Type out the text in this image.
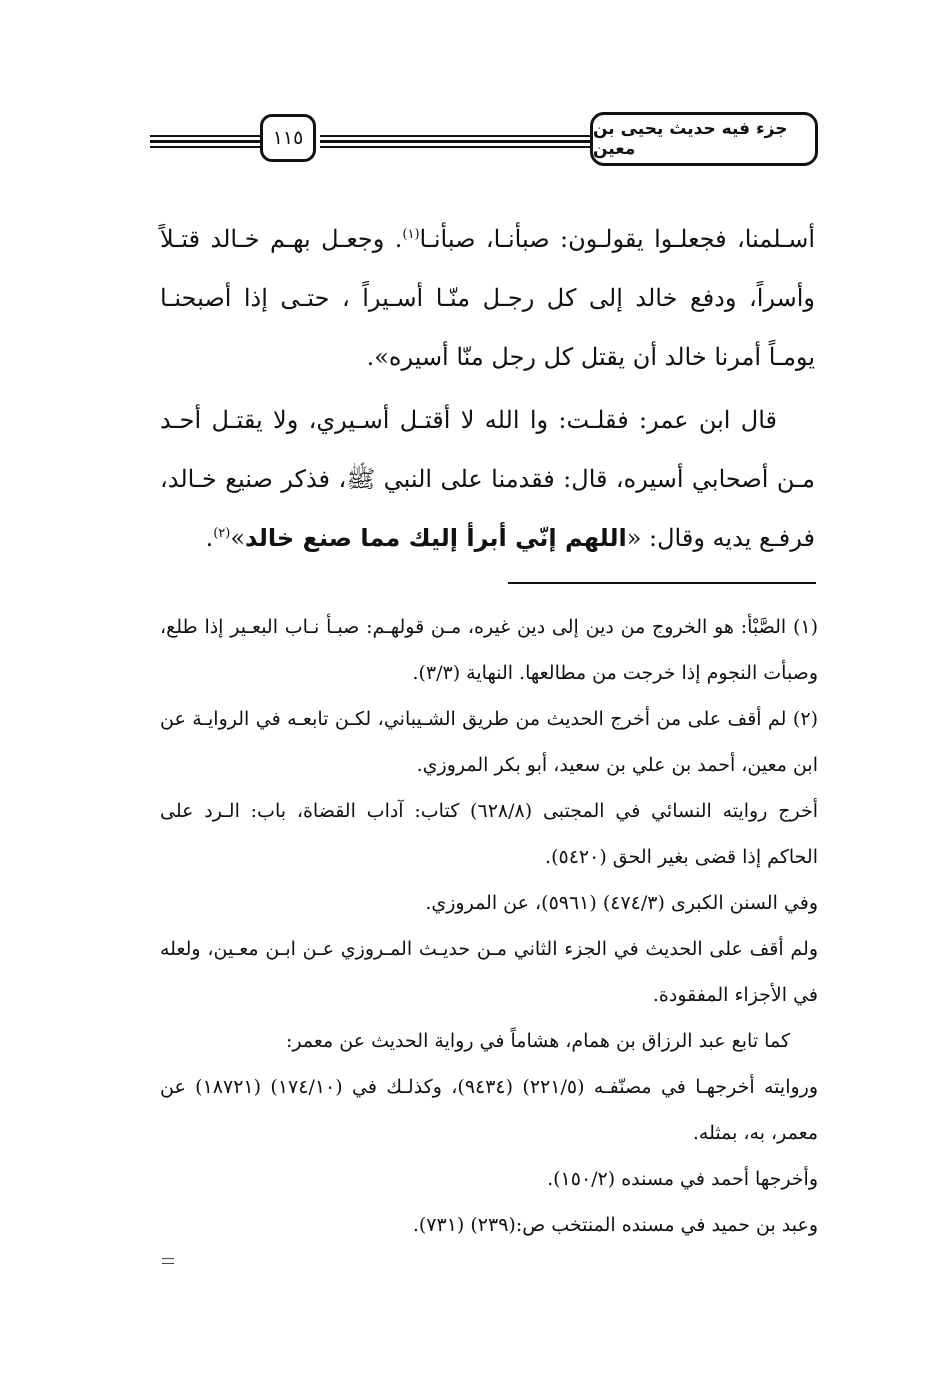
١١٥	جزء فيه حديث يحيى بن معين

أسـلمنا، فجعلـوا يقولـون: صبأنـا، صبأنـا$^{(١)}$. وجعـل بهـم خـالد قتـلاً وأسراً، ودفع خالد إلى كل رجـل منّـا أسـيراً ، حتـى إذا أصبحنـا يومـاً أمرنا خالد أن يقتل كل رجل منّا أسيره».

قال ابن عمر: فقلـت: وا الله لا أقتـل أسـيري، ولا يقتـل أحـد مـن أصحابي أسيره، قال: فقدمنا على النبي ﷺ، فذكر صنيع خـالد، فرفـع يديه وقال: «اللهم إنّي أبرأ إليك مما صنع خالد»$^{(٢)}$.

(١) الصَّبْأ: هو الخروج من دين إلى دين غيره، مـن قولهـم: صبـأ نـاب البعـير إذا طلع، وصبأت النجوم إذا خرجت من مطالعها. النهاية (٣/٣).

(٢) لم أقف على من أخرج الحديث من طريق الشـيباني، لكـن تابعـه في الروايـة عن ابن معين، أحمد بن علي بن سعيد، أبو بكر المروزي.

أخرج روايته النسائي في المجتبى (٦٢٨/٨) كتاب: آداب القضاة، باب: الـرد على الحاكم إذا قضى بغير الحق (٥٤٢٠).

وفي السنن الكبرى (٤٧٤/٣) (٥٩٦١)، عن المروزي.

ولم أقف على الحديث في الجزء الثاني مـن حديـث المـروزي عـن ابـن معـين، ولعله في الأجزاء المفقودة.

كما تابع عبد الرزاق بن همام، هشاماً في رواية الحديث عن معمر:

وروايته أخرجهـا في مصنّفـه (٢٢١/٥) (٩٤٣٤)، وكذلـك في (١٧٤/١٠) (١٨٧٢١) عن معمر، به، بمثله.

وأخرجها أحمد في مسنده (١٥٠/٢).

وعبد بن حميد في مسنده المنتخب ص:(٢٣٩) (٧٣١).
